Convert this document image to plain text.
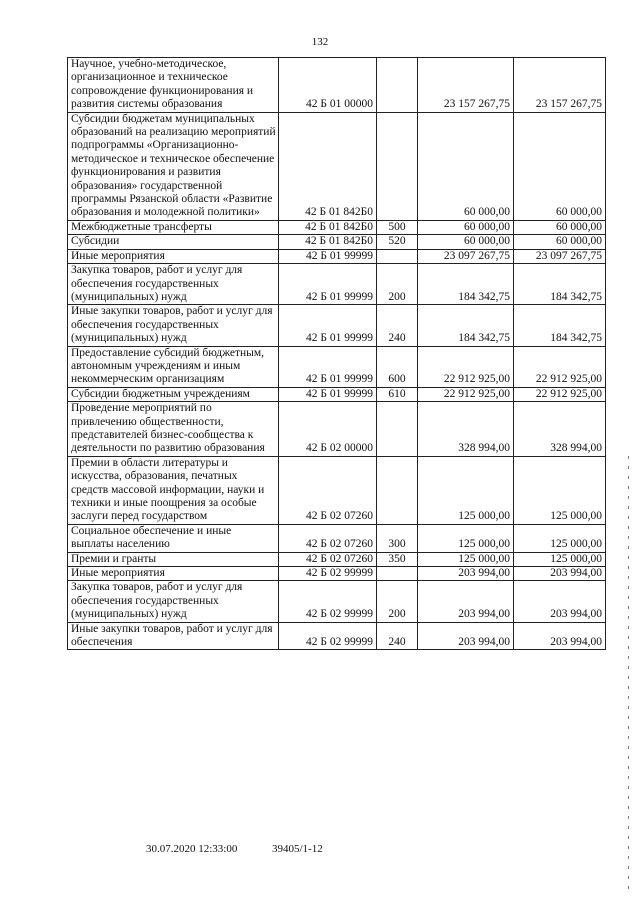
132
Научное, учебно-методическое, организационное и техническое сопровождение функционирования и развития системы образования	42 Б 01 00000		23 157 267,75	23 157 267,75
Субсидии бюджетам муниципальных образований на реализацию мероприятий подпрограммы «Организационно-методическое и техническое обеспечение функционирования и развития образования» государственной программы Рязанской области «Развитие образования и молодежной политики»	42 Б 01 842Б0		60 000,00	60 000,00
Межбюджетные трансферты	42 Б 01 842Б0	500	60 000,00	60 000,00
Субсидии	42 Б 01 842Б0	520	60 000,00	60 000,00
Иные мероприятия	42 Б 01 99999		23 097 267,75	23 097 267,75
Закупка товаров, работ и услуг для обеспечения государственных (муниципальных) нужд	42 Б 01 99999	200	184 342,75	184 342,75
Иные закупки товаров, работ и услуг для обеспечения государственных (муниципальных) нужд	42 Б 01 99999	240	184 342,75	184 342,75
Предоставление субсидий бюджетным, автономным учреждениям и иным некоммерческим организациям	42 Б 01 99999	600	22 912 925,00	22 912 925,00
Субсидии бюджетным учреждениям	42 Б 01 99999	610	22 912 925,00	22 912 925,00
Проведение мероприятий по привлечению общественности, представителей бизнес-сообщества к деятельности по развитию образования	42 Б 02 00000		328 994,00	328 994,00
Премии в области литературы и искусства, образования, печатных средств массовой информации, науки и техники и иные поощрения за особые заслуги перед государством	42 Б 02 07260		125 000,00	125 000,00
Социальное обеспечение и иные выплаты населению	42 Б 02 07260	300	125 000,00	125 000,00
Премии и гранты	42 Б 02 07260	350	125 000,00	125 000,00
Иные мероприятия	42 Б 02 99999		203 994,00	203 994,00
Закупка товаров, работ и услуг для обеспечения государственных (муниципальных) нужд	42 Б 02 99999	200	203 994,00	203 994,00
Иные закупки товаров, работ и услуг для обеспечения	42 Б 02 99999	240	203 994,00	203 994,00
30.07.2020 12:33:00	39405/1-12
